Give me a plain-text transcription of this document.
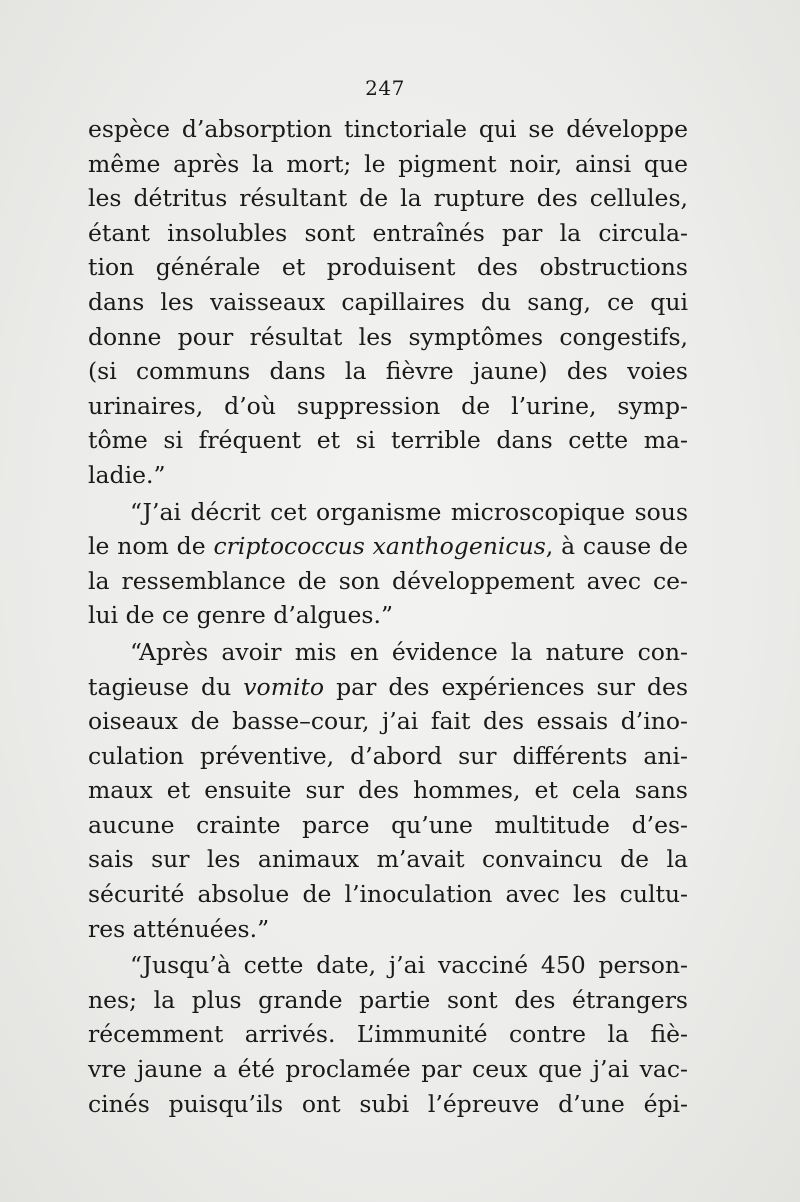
247
espèce d’absorption tinctoriale qui se développe
même après la mort; le pigment noir, ainsi que
les détritus résultant de la rupture des cellules,
étant insolubles sont entraînés par la circula-
tion générale et produisent des obstructions
dans les vaisseaux capillaires du sang, ce qui
donne pour résultat les symptômes congestifs,
(si communs dans la fièvre jaune) des voies
urinaires, d’où suppression de l’urine, symp-
tôme si fréquent et si terrible dans cette ma-
ladie.”
“J’ai décrit cet organisme microscopique sous
le nom de criptococcus xanthogenicus, à cause de
la ressemblance de son développement avec ce-
lui de ce genre d’algues.”
“Après avoir mis en évidence la nature con-
tagieuse du vomito par des expériences sur des
oiseaux de basse–cour, j’ai fait des essais d’ino-
culation préventive, d’abord sur différents ani-
maux et ensuite sur des hommes, et cela sans
aucune crainte parce qu’une multitude d’es-
sais sur les animaux m’avait convaincu de la
sécurité absolue de l’inoculation avec les cultu-
res atténuées.”
“Jusqu’à cette date, j’ai vacciné 450 person-
nes; la plus grande partie sont des étrangers
récemment arrivés. L’immunité contre la fiè-
vre jaune a été proclamée par ceux que j’ai vac-
cinés puisqu’ils ont subi l’épreuve d’une épi-
